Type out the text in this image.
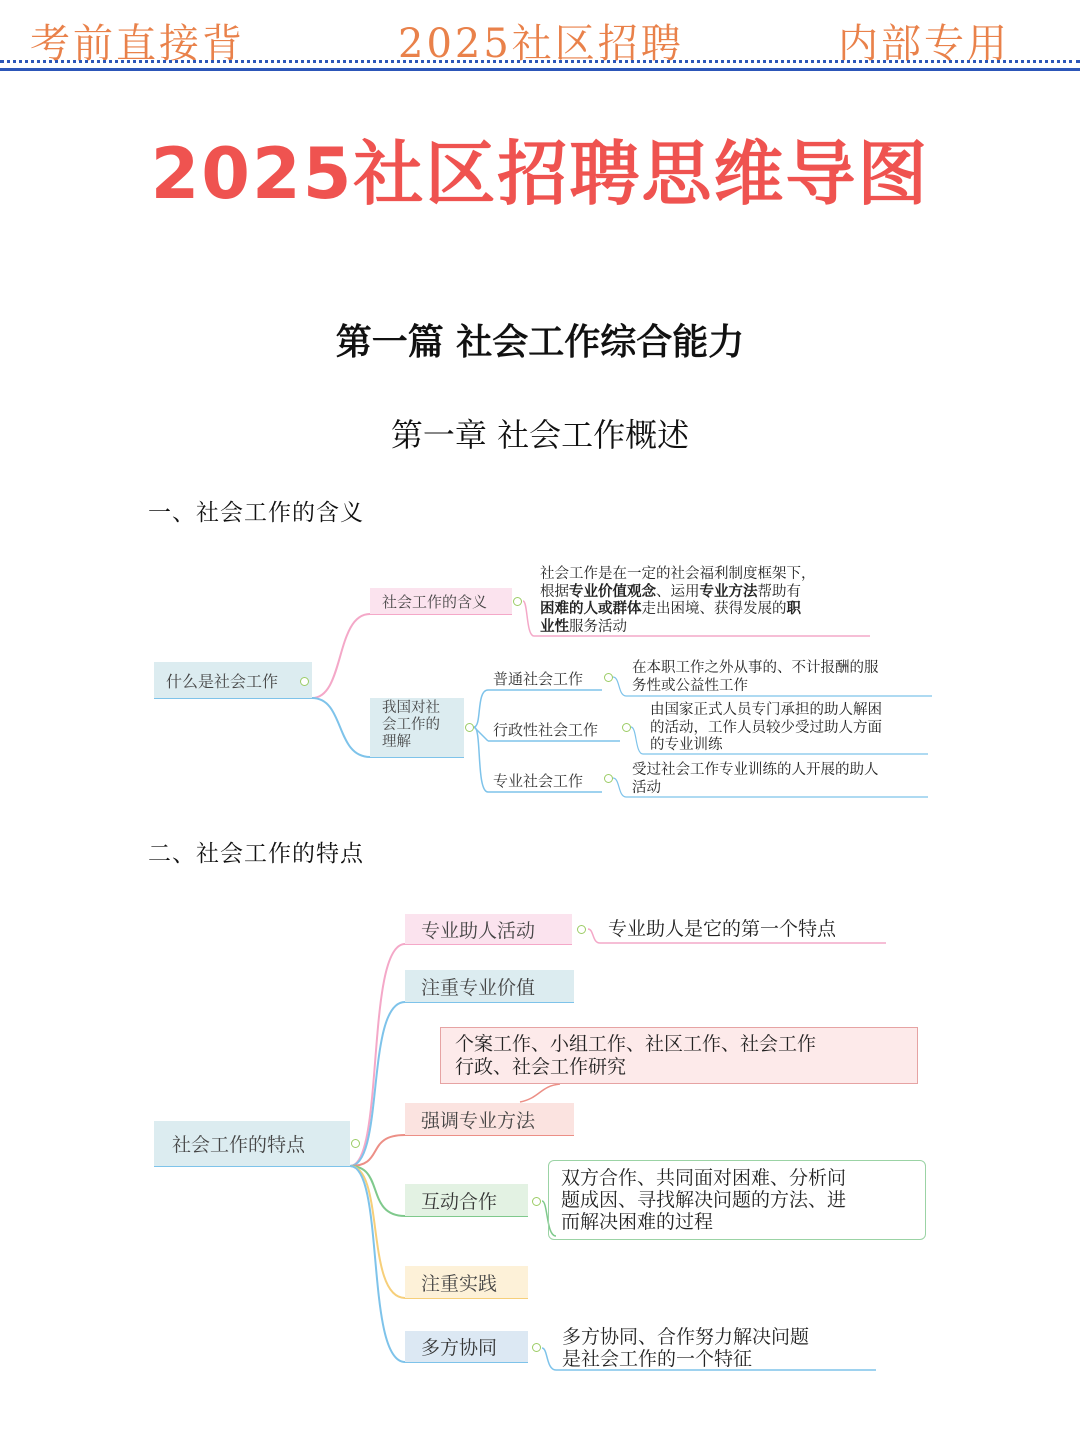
考前直接背	2025社区招聘	内部专用
2025社区招聘思维导图
第一篇 社会工作综合能力
第一章 社会工作概述
一、社会工作的含义
什么是社会工作
社会工作的含义
社会工作是在一定的社会福利制度框架下，
根据专业价值观念、运用专业方法帮助有
困难的人或群体走出困境、获得发展的职
业性服务活动
我国对社
会工作的
理解
普通社会工作
在本职工作之外从事的、不计报酬的服
务性或公益性工作
行政性社会工作
由国家正式人员专门承担的助人解困
的活动，工作人员较少受过助人方面
的专业训练
专业社会工作
受过社会工作专业训练的人开展的助人
活动
二、社会工作的特点
社会工作的特点
专业助人活动	专业助人是它的第一个特点
注重专业价值
个案工作、小组工作、社区工作、社会工作
行政、社会工作研究
强调专业方法
互动合作
双方合作、共同面对困难、分析问
题成因、寻找解决问题的方法、进
而解决困难的过程
注重实践
多方协同	多方协同、合作努力解决问题
是社会工作的一个特征
